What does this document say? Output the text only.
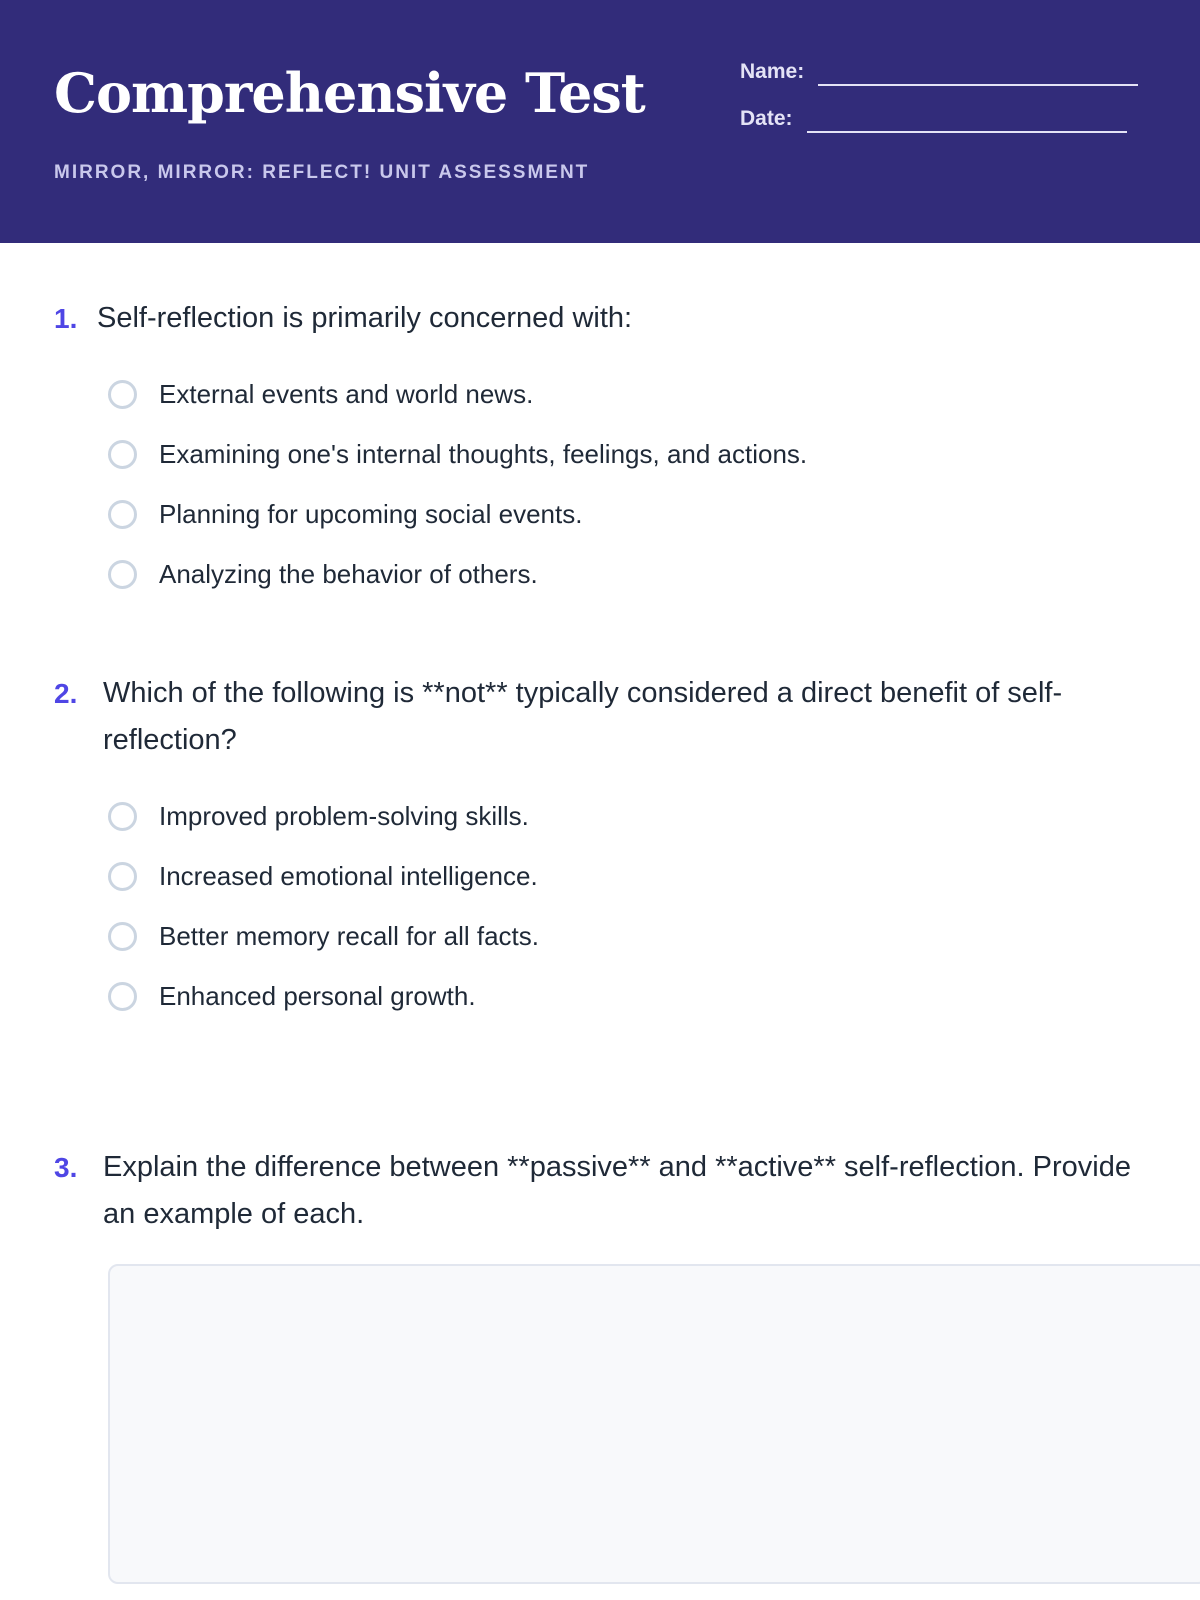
Comprehensive Test
MIRROR, MIRROR: REFLECT! UNIT ASSESSMENT
Name:
Date:
1. Self-reflection is primarily concerned with:
External events and world news.
Examining one's internal thoughts, feelings, and actions.
Planning for upcoming social events.
Analyzing the behavior of others.
2. Which of the following is **not** typically considered a direct benefit of self-reflection?
Improved problem-solving skills.
Increased emotional intelligence.
Better memory recall for all facts.
Enhanced personal growth.
3. Explain the difference between **passive** and **active** self-reflection. Provide an example of each.
